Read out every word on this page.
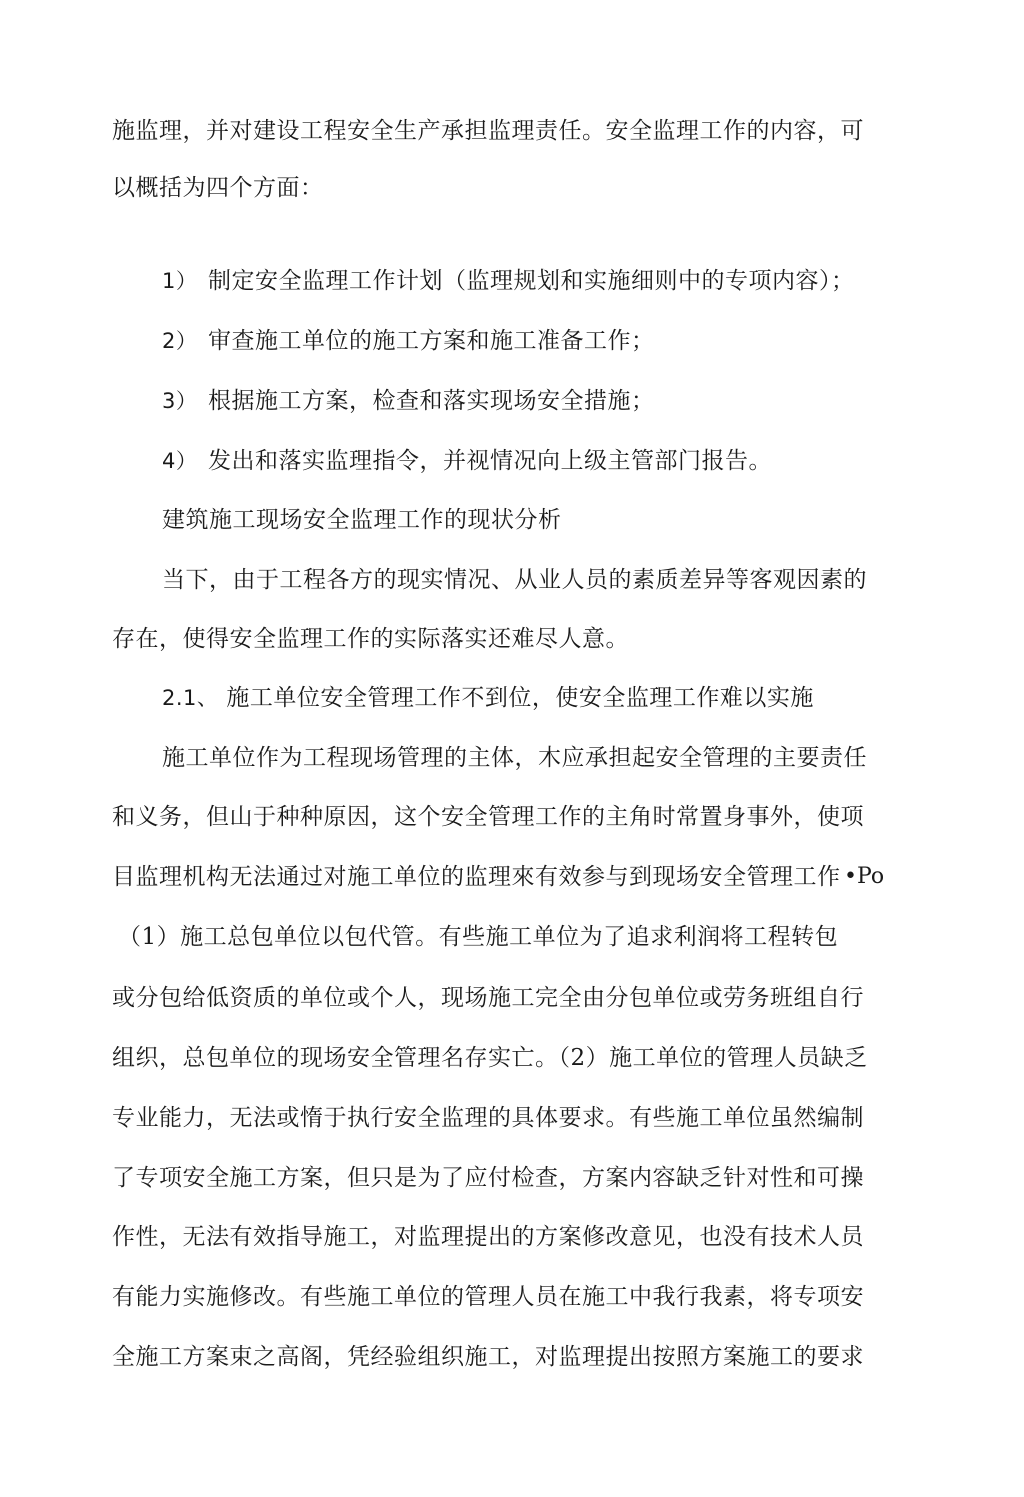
施监理，并对建设工程安全生产承担监理责任。安全监理工作的内容，可
以概括为四个方面：
1） 制定安全监理工作计划（监理规划和实施细则中的专项内容）；
2） 审查施工单位的施工方案和施工准备工作；
3） 根据施工方案，检查和落实现场安全措施；
4） 发出和落实监理指令，并视情况向上级主管部门报告。
建筑施工现场安全监理工作的现状分析
当下，由于工程各方的现实情况、从业人员的素质差异等客观因素的
存在，使得安全监理工作的实际落实还难尽人意。
2.1、 施工单位安全管理工作不到位，使安全监理工作难以实施
施工单位作为工程现场管理的主体，木应承担起安全管理的主要责任
和义务，但山于种种原因，这个安全管理工作的主角时常置身事外，使项
目监理机构无法通过对施工单位的监理來有效参与到现场安全管理工作 •Po
（1）施工总包单位以包代管。有些施工单位为了追求利润将工程转包
或分包给低资质的单位或个人，现场施工完全由分包单位或劳务班组自行
组织，总包单位的现场安全管理名存实亡。（2）施工单位的管理人员缺乏
专业能力，无法或惰于执行安全监理的具体要求。有些施工单位虽然编制
了专项安全施工方案，但只是为了应付检查，方案内容缺乏针对性和可操
作性，无法有效指导施工，对监理提出的方案修改意见，也没有技术人员
有能力实施修改。有些施工单位的管理人员在施工中我行我素，将专项安
全施工方案束之高阁，凭经验组织施工，对监理提出按照方案施工的要求
